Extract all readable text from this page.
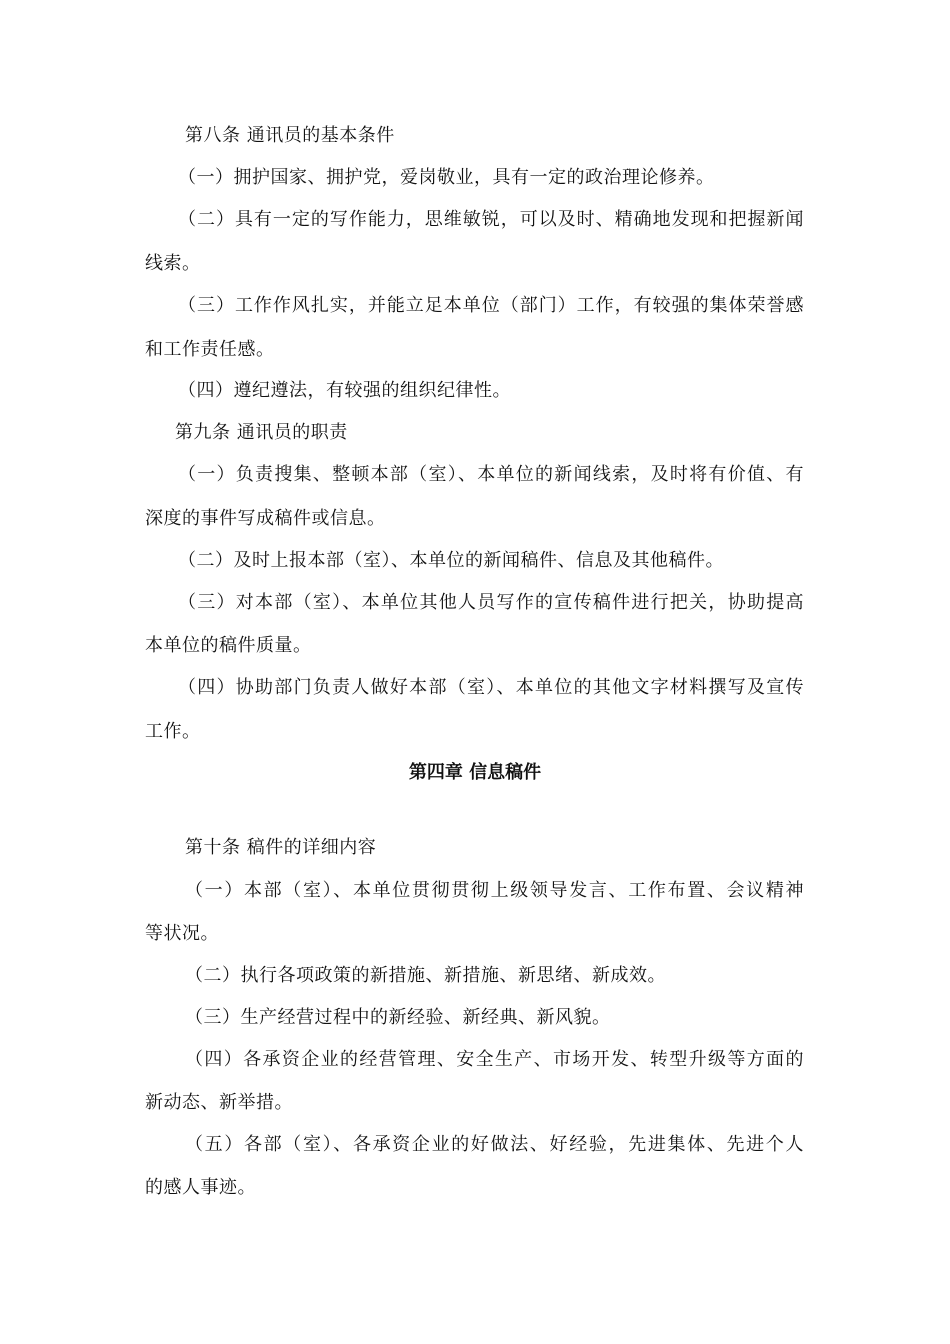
第八条 通讯员的基本条件
（一）拥护国家、拥护党，爱岗敬业，具有一定的政治理论修养。
（二）具有一定的写作能力，思维敏锐，可以及时、精确地发现和把握新闻
线索。
（三）工作作风扎实，并能立足本单位（部门）工作，有较强的集体荣誉感
和工作责任感。
（四）遵纪遵法，有较强的组织纪律性。
第九条 通讯员的职责
（一）负责搜集、整顿本部（室）、本单位的新闻线索，及时将有价值、有
深度的事件写成稿件或信息。
（二）及时上报本部（室）、本单位的新闻稿件、信息及其他稿件。
（三）对本部（室）、本单位其他人员写作的宣传稿件进行把关，协助提高
本单位的稿件质量。
（四）协助部门负责人做好本部（室）、本单位的其他文字材料撰写及宣传
工作。
第四章 信息稿件
第十条 稿件的详细内容
（一）本部（室）、本单位贯彻贯彻上级领导发言、工作布置、会议精神
等状况。
（二）执行各项政策的新措施、新措施、新思绪、新成效。
（三）生产经营过程中的新经验、新经典、新风貌。
（四）各承资企业的经营管理、安全生产、市场开发、转型升级等方面的
新动态、新举措。
（五）各部（室）、各承资企业的好做法、好经验，先进集体、先进个人
的感人事迹。
